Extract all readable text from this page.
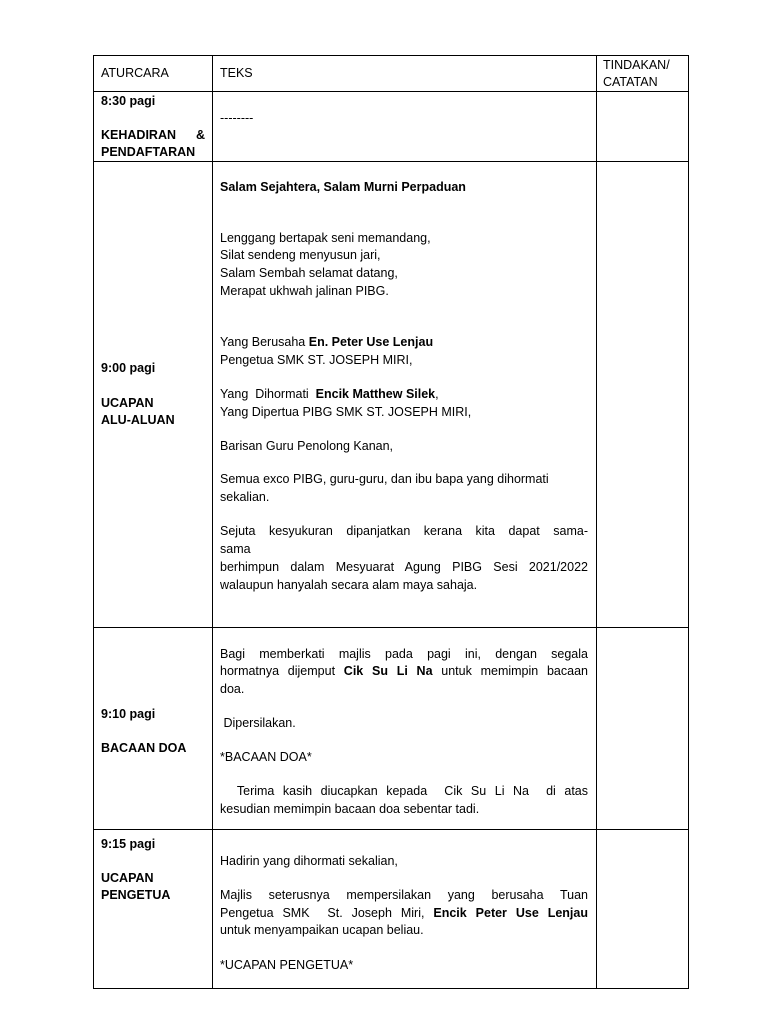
ATURCARA	TEKS
TINDAKAN/
CATATAN
8:30 pagi
KEHADIRAN &
PENDAFTARAN
--------
9:00 pagi
UCAPAN
ALU-ALUAN
Salam Sejahtera, Salam Murni Perpaduan
Lenggang bertapak seni memandang,
Silat sendeng menyusun jari,
Salam Sembah selamat datang,
Merapat ukhwah jalinan PIBG.
Yang Berusaha En. Peter Use Lenjau
Pengetua SMK ST. JOSEPH MIRI,
Yang  Dihormati  Encik Matthew Silek,
Yang Dipertua PIBG SMK ST. JOSEPH MIRI,
Barisan Guru Penolong Kanan,
Semua exco PIBG, guru-guru, dan ibu bapa yang dihormati
sekalian.
Sejuta kesyukuran dipanjatkan kerana kita dapat sama-
sama
berhimpun dalam Mesyuarat Agung PIBG Sesi 2021/2022
walaupun hanyalah secara alam maya sahaja.
9:10 pagi
BACAAN DOA
Bagi memberkati majlis pada pagi ini, dengan segala
hormatnya dijemput Cik Su Li Na untuk memimpin bacaan
doa.
Dipersilakan.
*BACAAN DOA*
Terima kasih diucapkan kepada  Cik Su Li Na  di atas
kesudian memimpin bacaan doa sebentar tadi.
9:15 pagi
UCAPAN
PENGETUA
Hadirin yang dihormati sekalian,
Majlis seterusnya mempersilakan yang berusaha Tuan
Pengetua SMK  St. Joseph Miri, Encik Peter Use Lenjau
untuk menyampaikan ucapan beliau.
*UCAPAN PENGETUA*
